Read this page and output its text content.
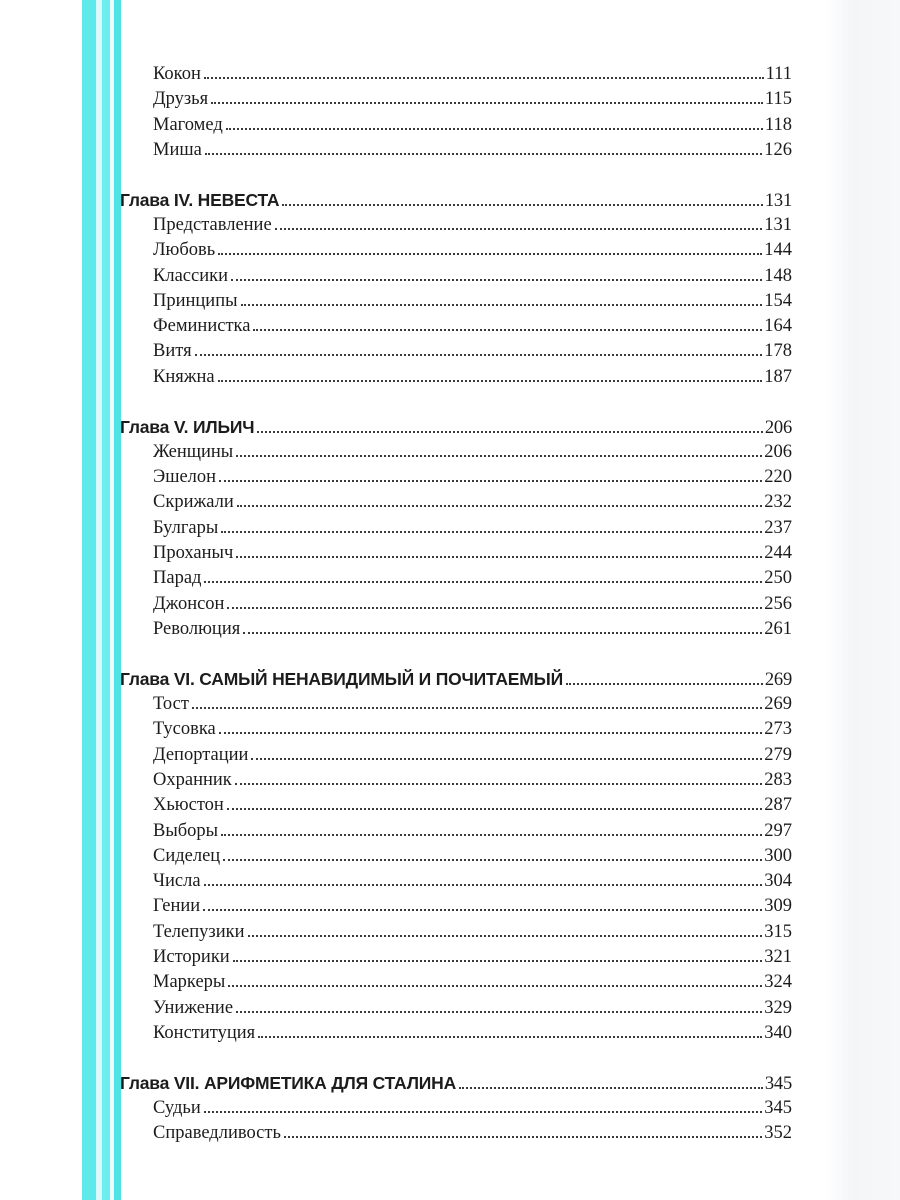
Кокон	111
Друзья	115
Магомед	118
Миша	126
Глава IV. НЕВЕСТА	131
Представление	131
Любовь	144
Классики	148
Принципы	154
Феминистка	164
Витя	178
Княжна	187
Глава V. ИЛЬИЧ	206
Женщины	206
Эшелон	220
Скрижали	232
Булгары	237
Проханыч	244
Парад	250
Джонсон	256
Революция	261
Глава VI. САМЫЙ НЕНАВИДИМЫЙ И ПОЧИТАЕМЫЙ	269
Тост	269
Тусовка	273
Депортации	279
Охранник	283
Хьюстон	287
Выборы	297
Сиделец	300
Числа	304
Гении	309
Телепузики	315
Историки	321
Маркеры	324
Унижение	329
Конституция	340
Глава VII. АРИФМЕТИКА ДЛЯ СТАЛИНА	345
Судьи	345
Справедливость	352
